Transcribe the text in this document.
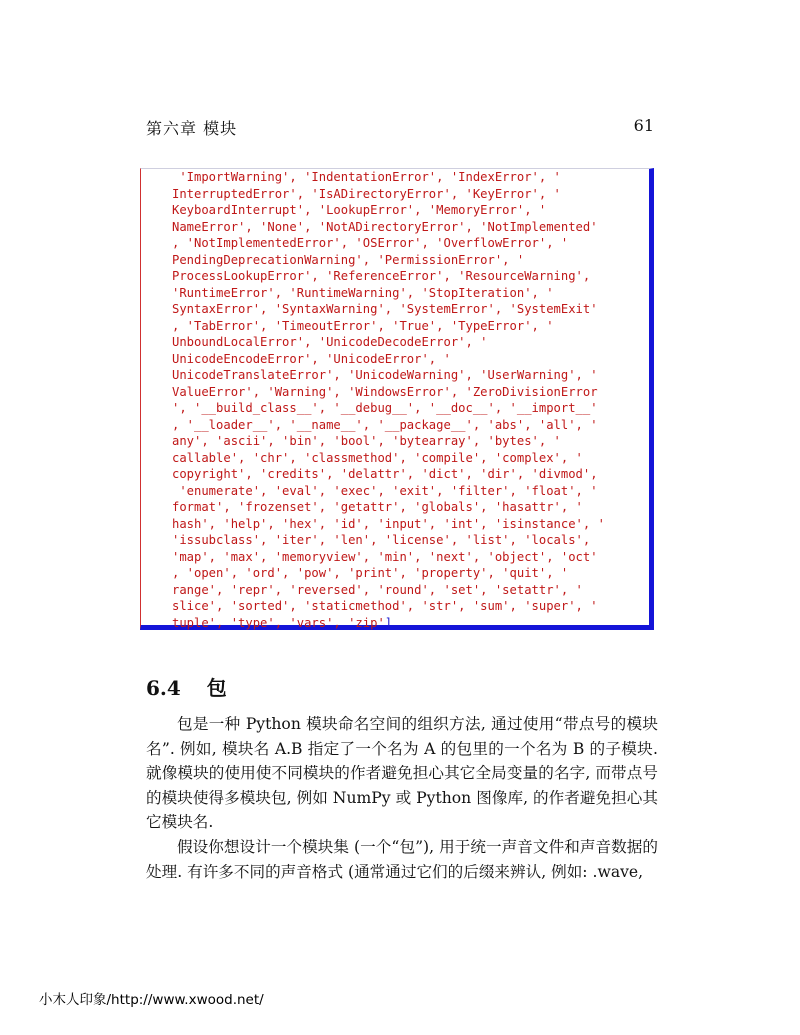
第六章 模块	61
'ImportWarning', 'IndentationError', 'IndexError', '
InterruptedError', 'IsADirectoryError', 'KeyError', '
KeyboardInterrupt', 'LookupError', 'MemoryError', '
NameError', 'None', 'NotADirectoryError', 'NotImplemented'
, 'NotImplementedError', 'OSError', 'OverflowError', '
PendingDeprecationWarning', 'PermissionError', '
ProcessLookupError', 'ReferenceError', 'ResourceWarning',
'RuntimeError', 'RuntimeWarning', 'StopIteration', '
SyntaxError', 'SyntaxWarning', 'SystemError', 'SystemExit'
, 'TabError', 'TimeoutError', 'True', 'TypeError', '
UnboundLocalError', 'UnicodeDecodeError', '
UnicodeEncodeError', 'UnicodeError', '
UnicodeTranslateError', 'UnicodeWarning', 'UserWarning', '
ValueError', 'Warning', 'WindowsError', 'ZeroDivisionError
', '__build_class__', '__debug__', '__doc__', '__import__'
, '__loader__', '__name__', '__package__', 'abs', 'all', '
any', 'ascii', 'bin', 'bool', 'bytearray', 'bytes', '
callable', 'chr', 'classmethod', 'compile', 'complex', '
copyright', 'credits', 'delattr', 'dict', 'dir', 'divmod',
'enumerate', 'eval', 'exec', 'exit', 'filter', 'float', '
format', 'frozenset', 'getattr', 'globals', 'hasattr', '
hash', 'help', 'hex', 'id', 'input', 'int', 'isinstance', '
'issubclass', 'iter', 'len', 'license', 'list', 'locals',
'map', 'max', 'memoryview', 'min', 'next', 'object', 'oct'
, 'open', 'ord', 'pow', 'print', 'property', 'quit', '
range', 'repr', 'reversed', 'round', 'set', 'setattr', '
slice', 'sorted', 'staticmethod', 'str', 'sum', 'super', '
tuple', 'type', 'vars', 'zip']
6.4 包

包是一种 Python 模块命名空间的组织方法, 通过使用“带点号的模块名”. 例如, 模块名 A.B 指定了一个名为 A 的包里的一个名为 B 的子模块. 就像模块的使用使不同模块的作者避免担心其它全局变量的名字, 而带点号的模块使得多模块包, 例如 NumPy 或 Python 图像库, 的作者避免担心其它模块名.

假设你想设计一个模块集 (一个“包”), 用于统一声音文件和声音数据的处理. 有许多不同的声音格式 (通常通过它们的后缀来辨认, 例如: .wave,

小木人印象/http://www.xwood.net/
